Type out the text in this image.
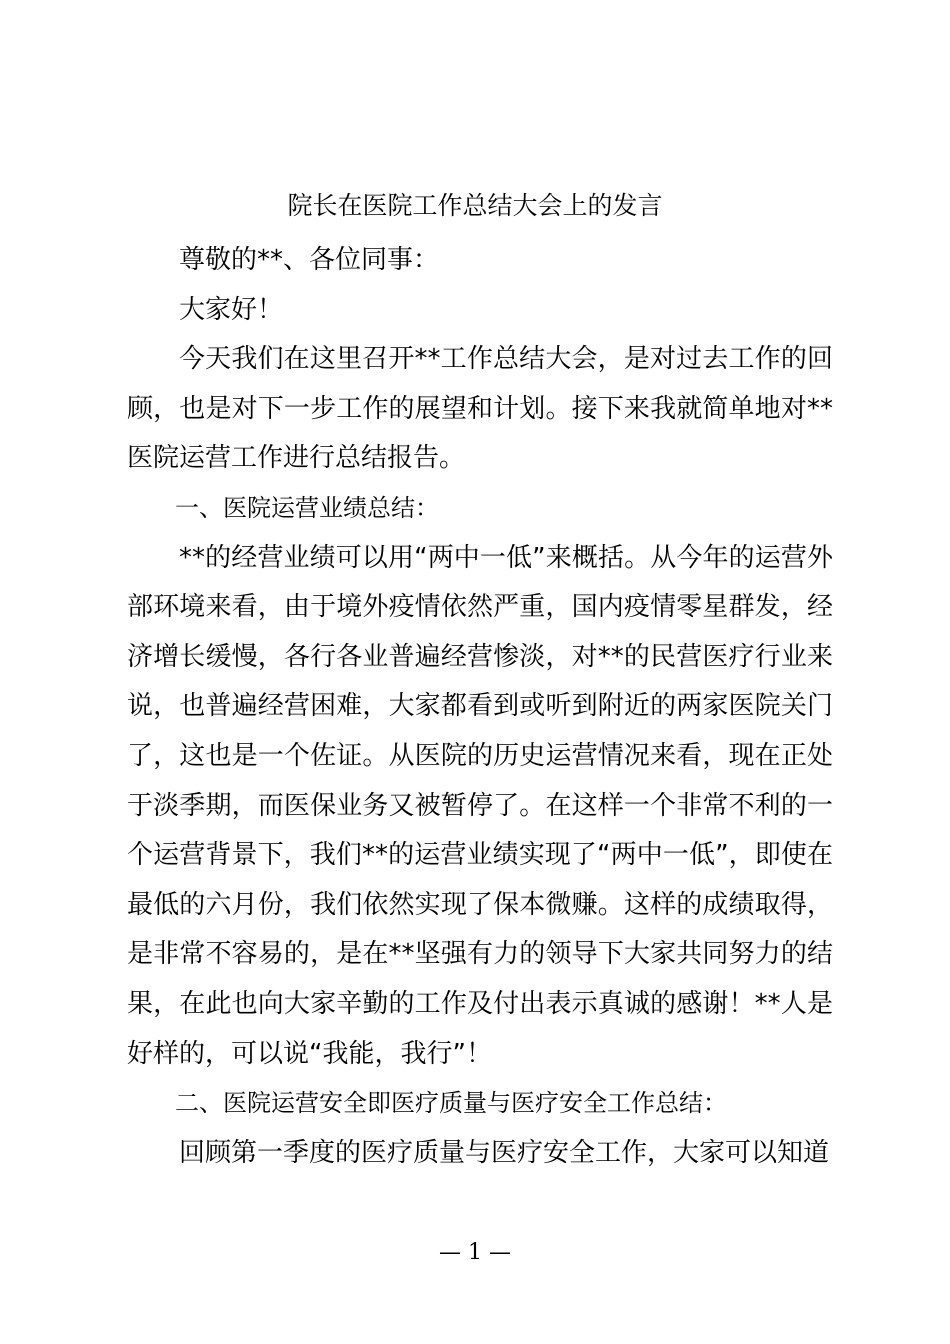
院长在医院工作总结大会上的发言

尊敬的**、各位同事：

大家好！

今天我们在这里召开**工作总结大会，是对过去工作的回顾，也是对下一步工作的展望和计划。接下来我就简单地对**医院运营工作进行总结报告。

一、医院运营业绩总结：

**的经营业绩可以用“两中一低”来概括。从今年的运营外部环境来看，由于境外疫情依然严重，国内疫情零星群发，经济增长缓慢，各行各业普遍经营惨淡，对**的民营医疗行业来说，也普遍经营困难，大家都看到或听到附近的两家医院关门了，这也是一个佐证。从医院的历史运营情况来看，现在正处于淡季期，而医保业务又被暂停了。在这样一个非常不利的一个运营背景下，我们**的运营业绩实现了“两中一低”，即使在最低的六月份，我们依然实现了保本微赚。这样的成绩取得，是非常不容易的，是在**坚强有力的领导下大家共同努力的结果，在此也向大家辛勤的工作及付出表示真诚的感谢！**人是好样的，可以说“我能，我行”！

二、医院运营安全即医疗质量与医疗安全工作总结：

回顾第一季度的医疗质量与医疗安全工作，大家可以知道

— 1 —
